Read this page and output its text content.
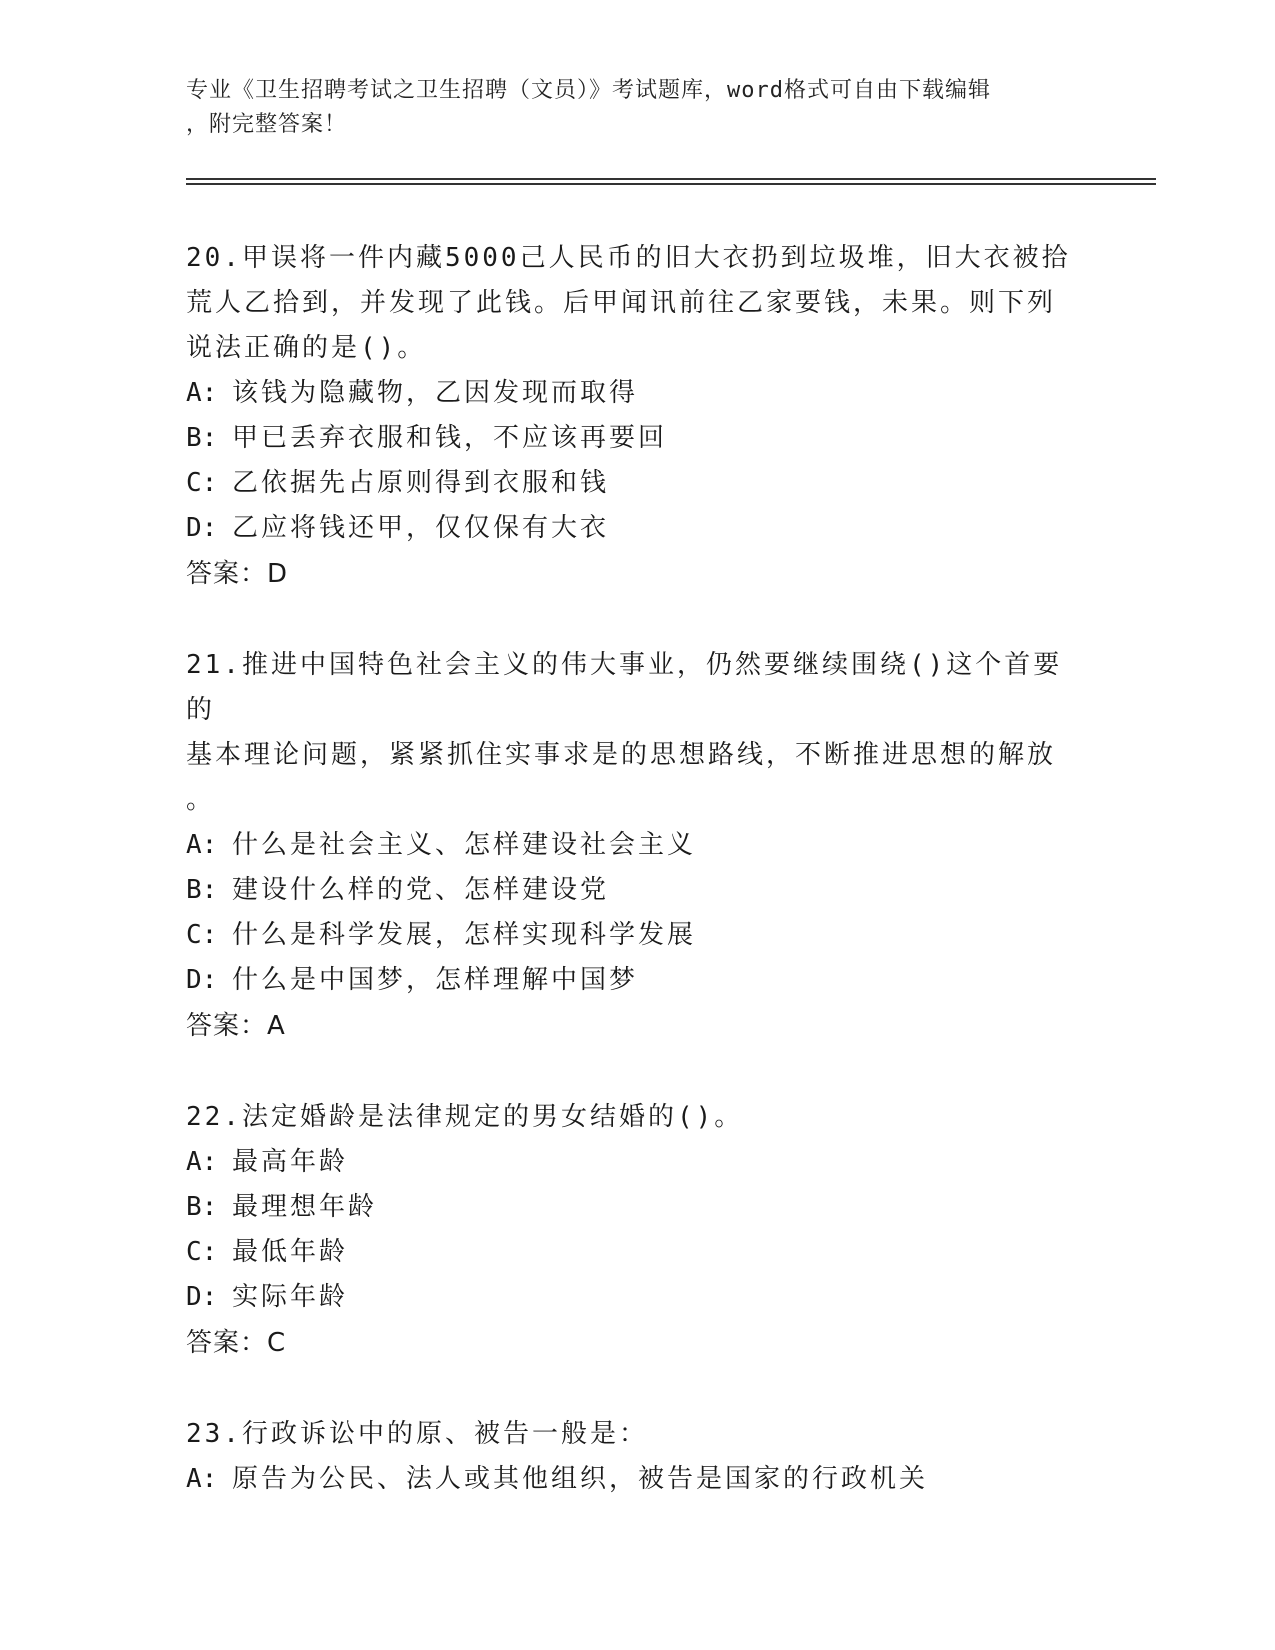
专业《卫生招聘考试之卫生招聘（文员）》考试题库，word格式可自由下载编辑
，附完整答案！
20.甲误将一件内藏5000己人民币的旧大衣扔到垃圾堆，旧大衣被拾
荒人乙拾到，并发现了此钱。后甲闻讯前往乙家要钱，未果。则下列
说法正确的是()。
A: 该钱为隐藏物，乙因发现而取得
B: 甲已丢弃衣服和钱，不应该再要回
C: 乙依据先占原则得到衣服和钱
D: 乙应将钱还甲，仅仅保有大衣
答案：D
21.推进中国特色社会主义的伟大事业，仍然要继续围绕()这个首要的
基本理论问题，紧紧抓住实事求是的思想路线，不断推进思想的解放
。
A: 什么是社会主义、怎样建设社会主义
B: 建设什么样的党、怎样建设党
C: 什么是科学发展，怎样实现科学发展
D: 什么是中国梦，怎样理解中国梦
答案：A
22.法定婚龄是法律规定的男女结婚的()。
A: 最高年龄
B: 最理想年龄
C: 最低年龄
D: 实际年龄
答案：C
23.行政诉讼中的原、被告一般是：
A: 原告为公民、法人或其他组织，被告是国家的行政机关
